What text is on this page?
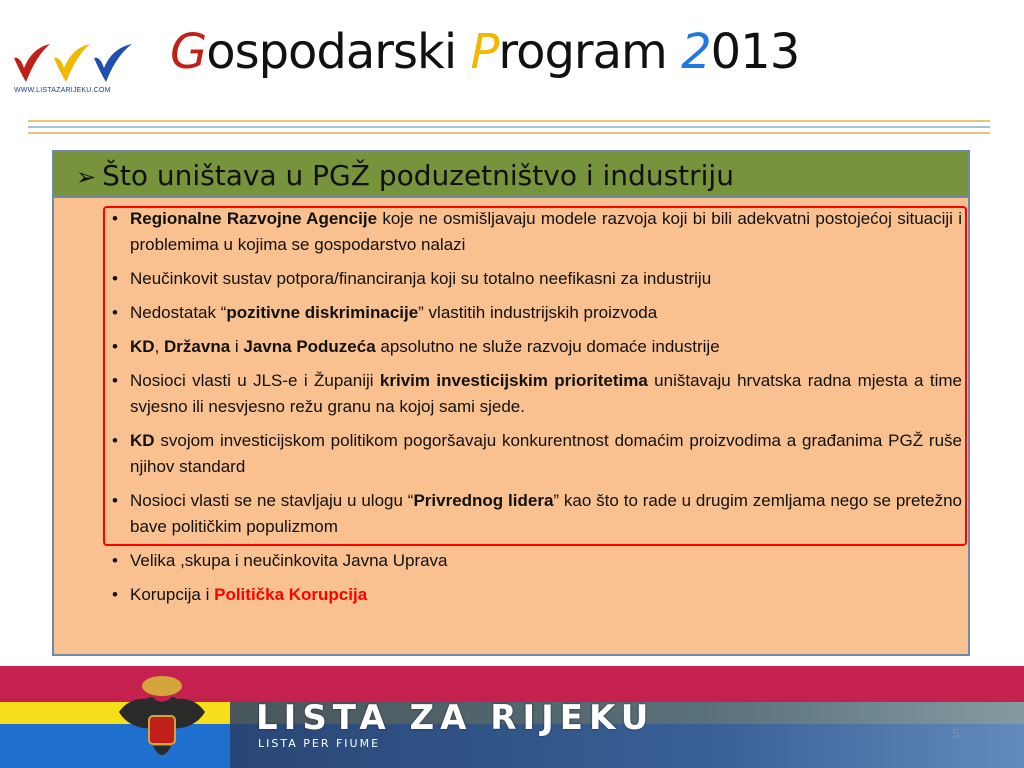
WWW.LISTAZARIJEKU.COM
Gospodarski Program 2013
➢ Što uništava u PGŽ poduzetništvo i industriju
• Regionalne Razvojne Agencije koje ne osmišljavaju modele razvoja koji bi bili adekvatni postojećoj situaciji i problemima u kojima se gospodarstvo nalazi
• Neučinkovit sustav potpora/financiranja koji su totalno neefikasni za industriju
• Nedostatak “pozitivne diskriminacije” vlastitih industrijskih proizvoda
• KD, Državna i Javna Poduzeća apsolutno ne služe razvoju domaće industrije
• Nosioci vlasti u JLS-e i Županiji krivim investicijskim prioritetima uništavaju hrvatska radna mjesta a time svjesno ili nesvjesno režu granu na kojoj sami sjede.
• KD svojom investicijskom politikom pogoršavaju konkurentnost domaćim proizvodima a građanima PGŽ ruše njihov standard
• Nosioci vlasti se ne stavljaju u ulogu “Privrednog lidera” kao što to rade u drugim zemljama nego se pretežno bave političkim populizmom
• Velika ,skupa i neučinkovita Javna Uprava
• Korupcija i Politička Korupcija
LISTA ZA RIJEKU
LISTA PER FIUME
5
